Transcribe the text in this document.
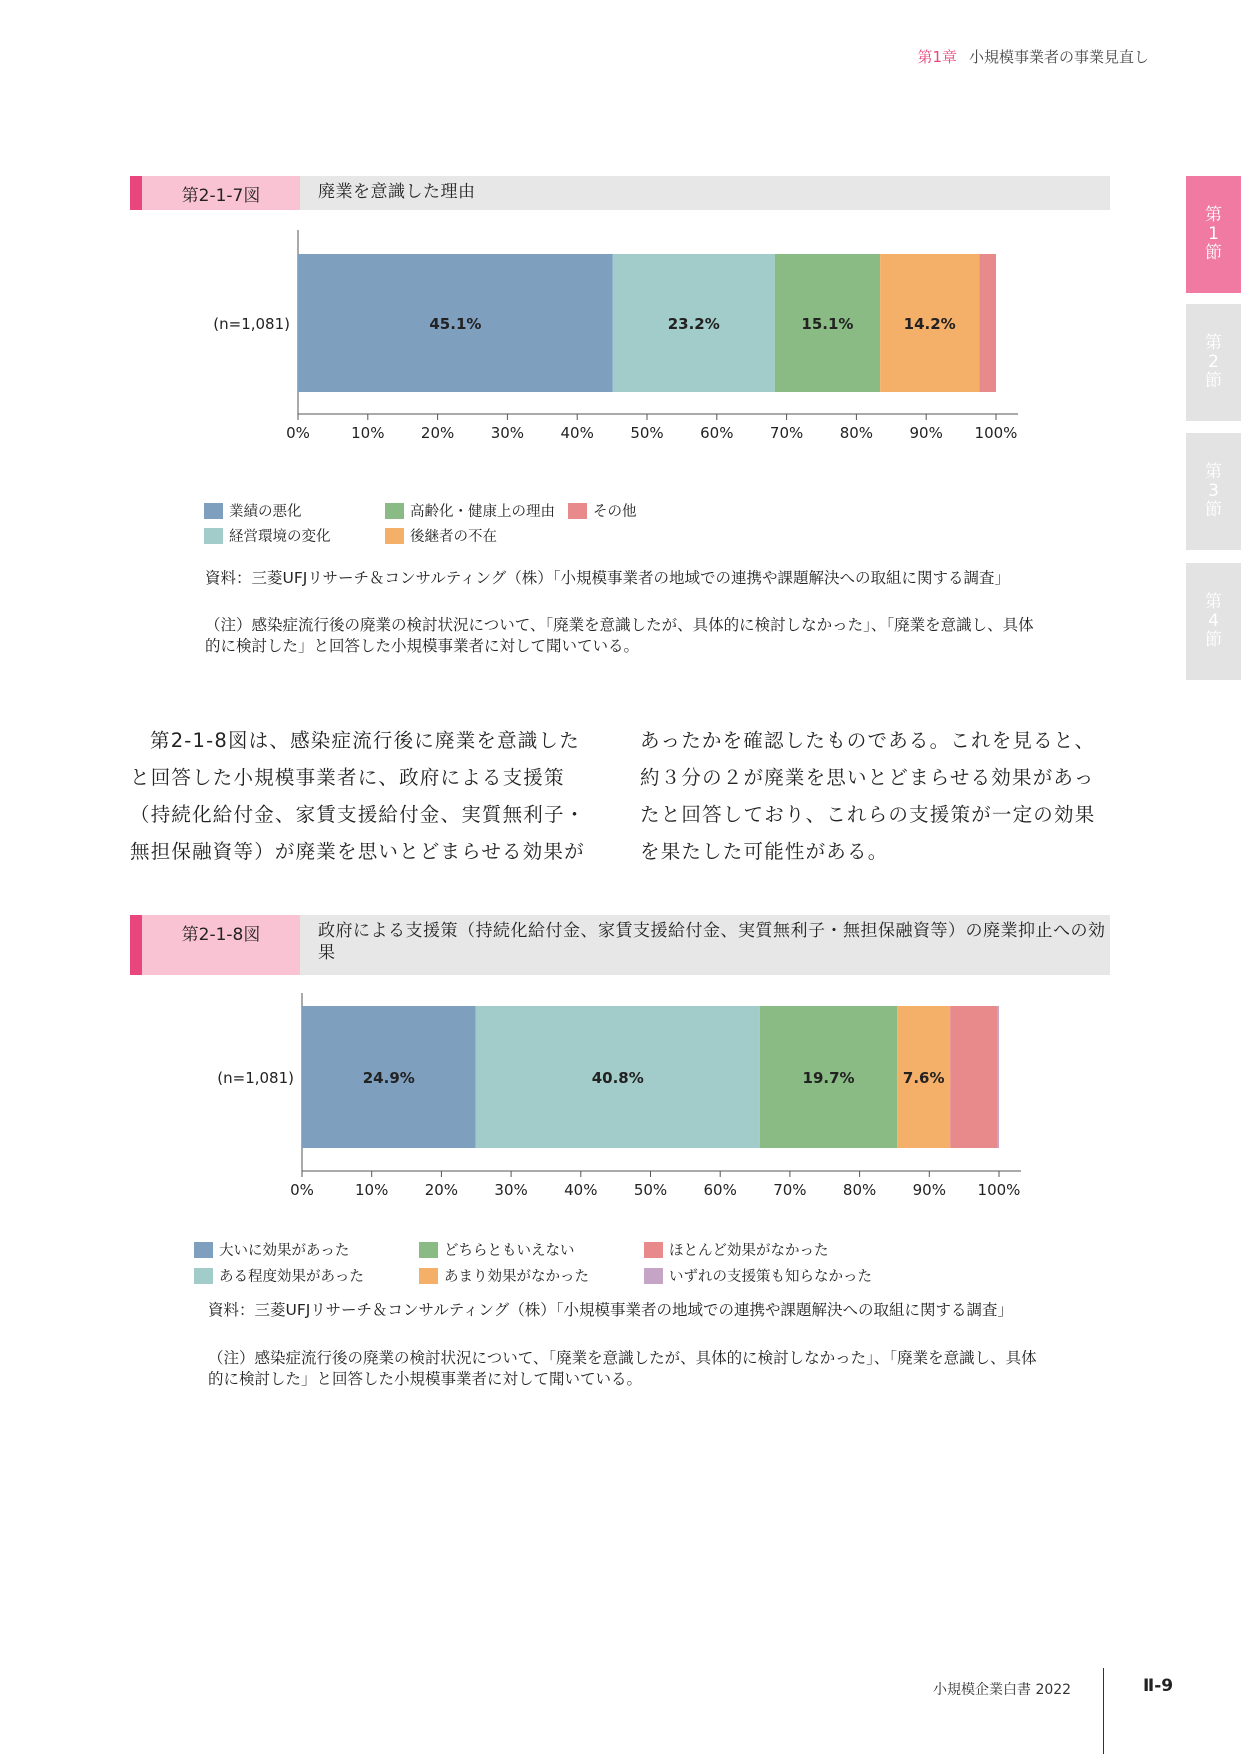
第1章 小規模事業者の事業見直し
第1節
第2節
第3節
第4節
第2-1-7図	廃業を意識した理由
45.1%	23.2%	15.1%	14.2%
(n=1,081)
0%	10% 20% 30% 40% 50% 60% 70% 80% 90% 100%
業績の悪化
経営環境の変化
高齢化・健康上の理由
後継者の不在
その他
資料：三菱UFJリサーチ＆コンサルティング（株）「小規模事業者の地域での連携や課題解決への取組に関する調査」
（注）感染症流行後の廃業の検討状況について、「廃業を意識したが、具体的に検討しなかった」、「廃業を意識し、具体的に検討した」と回答した小規模事業者に対して聞いている。
第2-1-8図は、感染症流行後に廃業を意識したと回答した小規模事業者に、政府による支援策（持続化給付金、家賃支援給付金、実質無利子・無担保融資等）が廃業を思いとどまらせる効果が
あったかを確認したものである。これを見ると、約３分の２が廃業を思いとどまらせる効果があったと回答しており、これらの支援策が一定の効果を果たした可能性がある。
第2-1-8図	政府による支援策（持続化給付金、家賃支援給付金、実質無利子・無担保融資等）の廃業抑止への効果
24.9%	40.8%	19.7%	7.6%
(n=1,081)
0%	10% 20% 30% 40% 50% 60% 70% 80% 90% 100%
大いに効果があった
ある程度効果があった
どちらともいえない
あまり効果がなかった
ほとんど効果がなかった
いずれの支援策も知らなかった
資料：三菱UFJリサーチ＆コンサルティング（株）「小規模事業者の地域での連携や課題解決への取組に関する調査」
（注）感染症流行後の廃業の検討状況について、「廃業を意識したが、具体的に検討しなかった」、「廃業を意識し、具体的に検討した」と回答した小規模事業者に対して聞いている。
小規模企業白書 2022	Ⅱ-9
